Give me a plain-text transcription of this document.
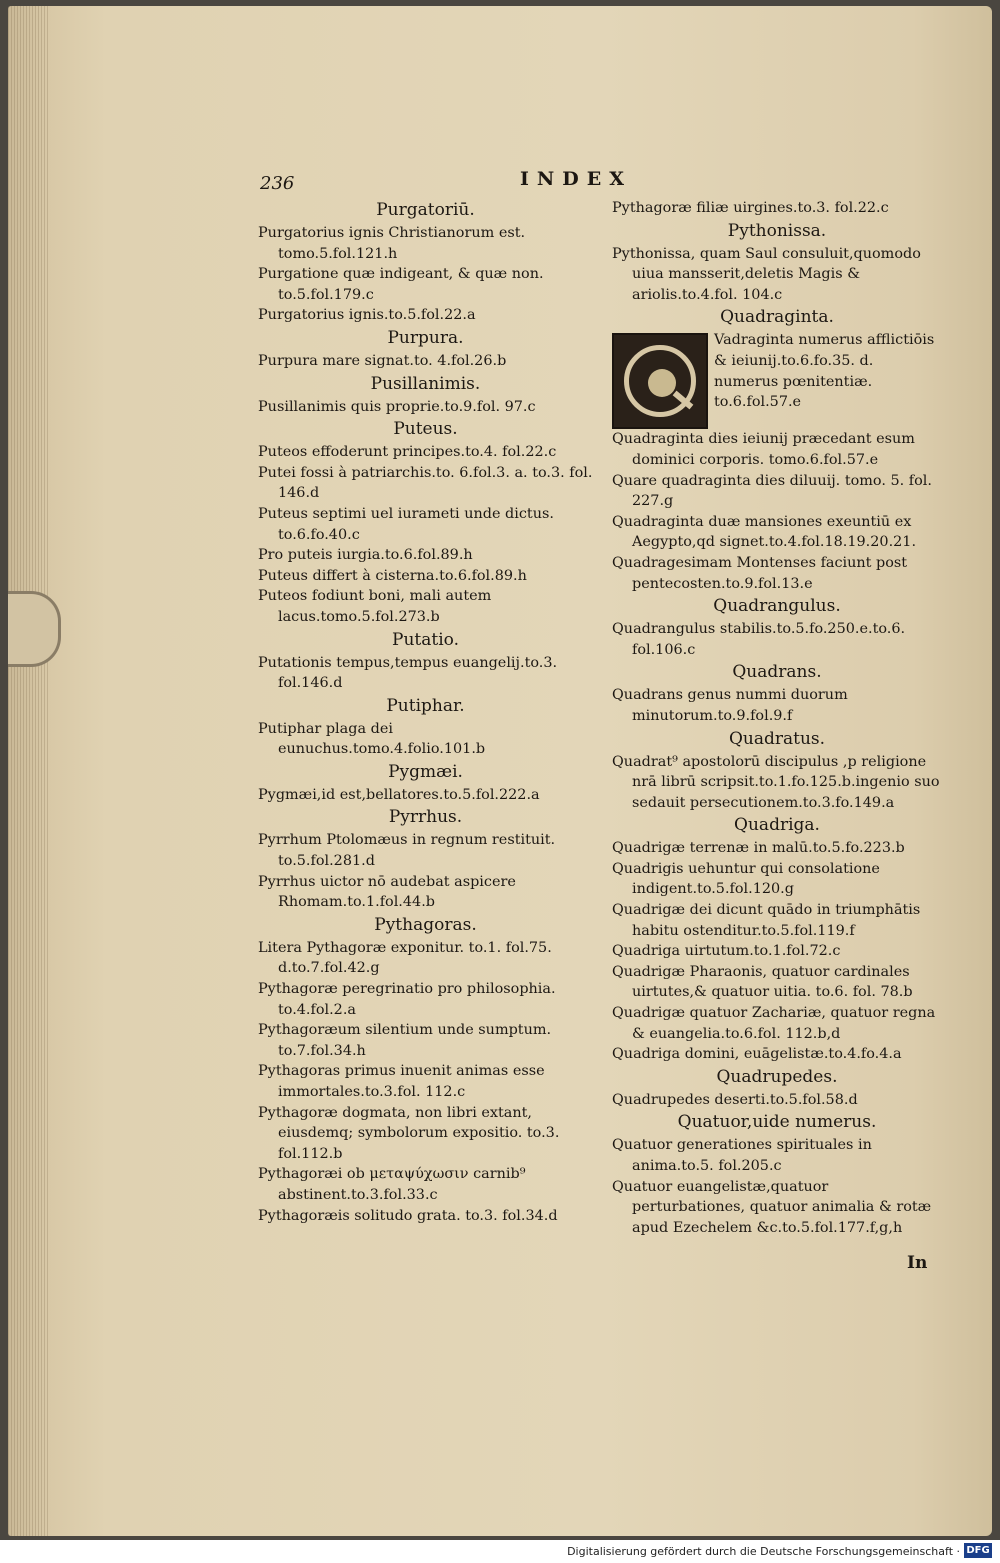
236	INDEX

Purgatoriū.

Purgatorius ignis Christianorum est. tomo.5.fol.121.h

Purgatione quæ indigeant, & quæ non. to.5.fol.179.c

Purgatorius ignis.to.5.fol.22.a

Purpura.

Purpura mare signat.to. 4.fol.26.b

Pusillanimis.

Pusillanimis quis proprie.to.9.fol. 97.c

Puteus.

Puteos effoderunt principes.to.4. fol.22.c

Putei fossi à patriarchis.to. 6.fol.3. a. to.3. fol. 146.d

Puteus septimi uel iurameti unde dictus. to.6.fo.40.c

Pro puteis iurgia.to.6.fol.89.h

Puteus differt à cisterna.to.6.fol.89.h

Puteos fodiunt boni, mali autem lacus.tomo.5.fol.273.b

Putatio.

Putationis tempus,tempus euangelij.to.3. fol.146.d

Putiphar.

Putiphar plaga dei eunuchus.tomo.4.folio.101.b

Pygmæi.

Pygmæi,id est,bellatores.to.5.fol.222.a

Pyrrhus.

Pyrrhum Ptolomæus in regnum restituit. to.5.fol.281.d

Pyrrhus uictor nō audebat aspicere Rhomam.to.1.fol.44.b

Pythagoras.

Litera Pythagoræ exponitur. to.1. fol.75. d.to.7.fol.42.g

Pythagoræ peregrinatio pro philosophia. to.4.fol.2.a

Pythagoræum silentium unde sumptum. to.7.fol.34.h

Pythagoras primus inuenit animas esse immortales.to.3.fol. 112.c

Pythagoræ dogmata, non libri extant, eiusdemq; symbolorum expositio. to.3. fol.112.b

Pythagoræi ob μεταψύχωσιν carnib⁹ abstinent.to.3.fol.33.c

Pythagoræis solitudo grata. to.3. fol.34.d

Pythagoræ filiæ uirgines.to.3. fol.22.c

Pythonissa.

Pythonissa, quam Saul consuluit,quomodo uiua mansserit,deletis Magis & ariolis.to.4.fol. 104.c

Quadraginta.

Vadraginta numerus afflictiōis & ieiunij.to.6.fo.35. d. numerus pœnitentiæ. to.6.fol.57.e

Quadraginta dies ieiunij præcedant esum dominici corporis. tomo.6.fol.57.e

Quare quadraginta dies diluuij. tomo. 5. fol. 227.g

Quadraginta duæ mansiones exeuntiū ex Aegypto,qd signet.to.4.fol.18.19.20.21.

Quadragesimam Montenses faciunt post pentecosten.to.9.fol.13.e

Quadrangulus.

Quadrangulus stabilis.to.5.fo.250.e.to.6. fol.106.c

Quadrans.

Quadrans genus nummi duorum minutorum.to.9.fol.9.f

Quadratus.

Quadrat⁹ apostolorū discipulus ,p religione nrā librū scripsit.to.1.fo.125.b.ingenio suo sedauit persecutionem.to.3.fo.149.a

Quadriga.

Quadrigæ terrenæ in malū.to.5.fo.223.b

Quadrigis uehuntur qui consolatione indigent.to.5.fol.120.g

Quadrigæ dei dicunt quādo in triumphātis habitu ostenditur.to.5.fol.119.f

Quadriga uirtutum.to.1.fol.72.c

Quadrigæ Pharaonis, quatuor cardinales uirtutes,& quatuor uitia. to.6. fol. 78.b

Quadrigæ quatuor Zachariæ, quatuor regna & euangelia.to.6.fol. 112.b,d

Quadriga domini, euāgelistæ.to.4.fo.4.a

Quadrupedes.

Quadrupedes deserti.to.5.fol.58.d

Quatuor,uide numerus.

Quatuor generationes spirituales in anima.to.5. fol.205.c

Quatuor euangelistæ,quatuor perturbationes, quatuor animalia & rotæ apud Ezechelem &c.to.5.fol.177.f,g,h

In
Digitalisierung gefördert durch die Deutsche Forschungsgemeinschaft · DFG
